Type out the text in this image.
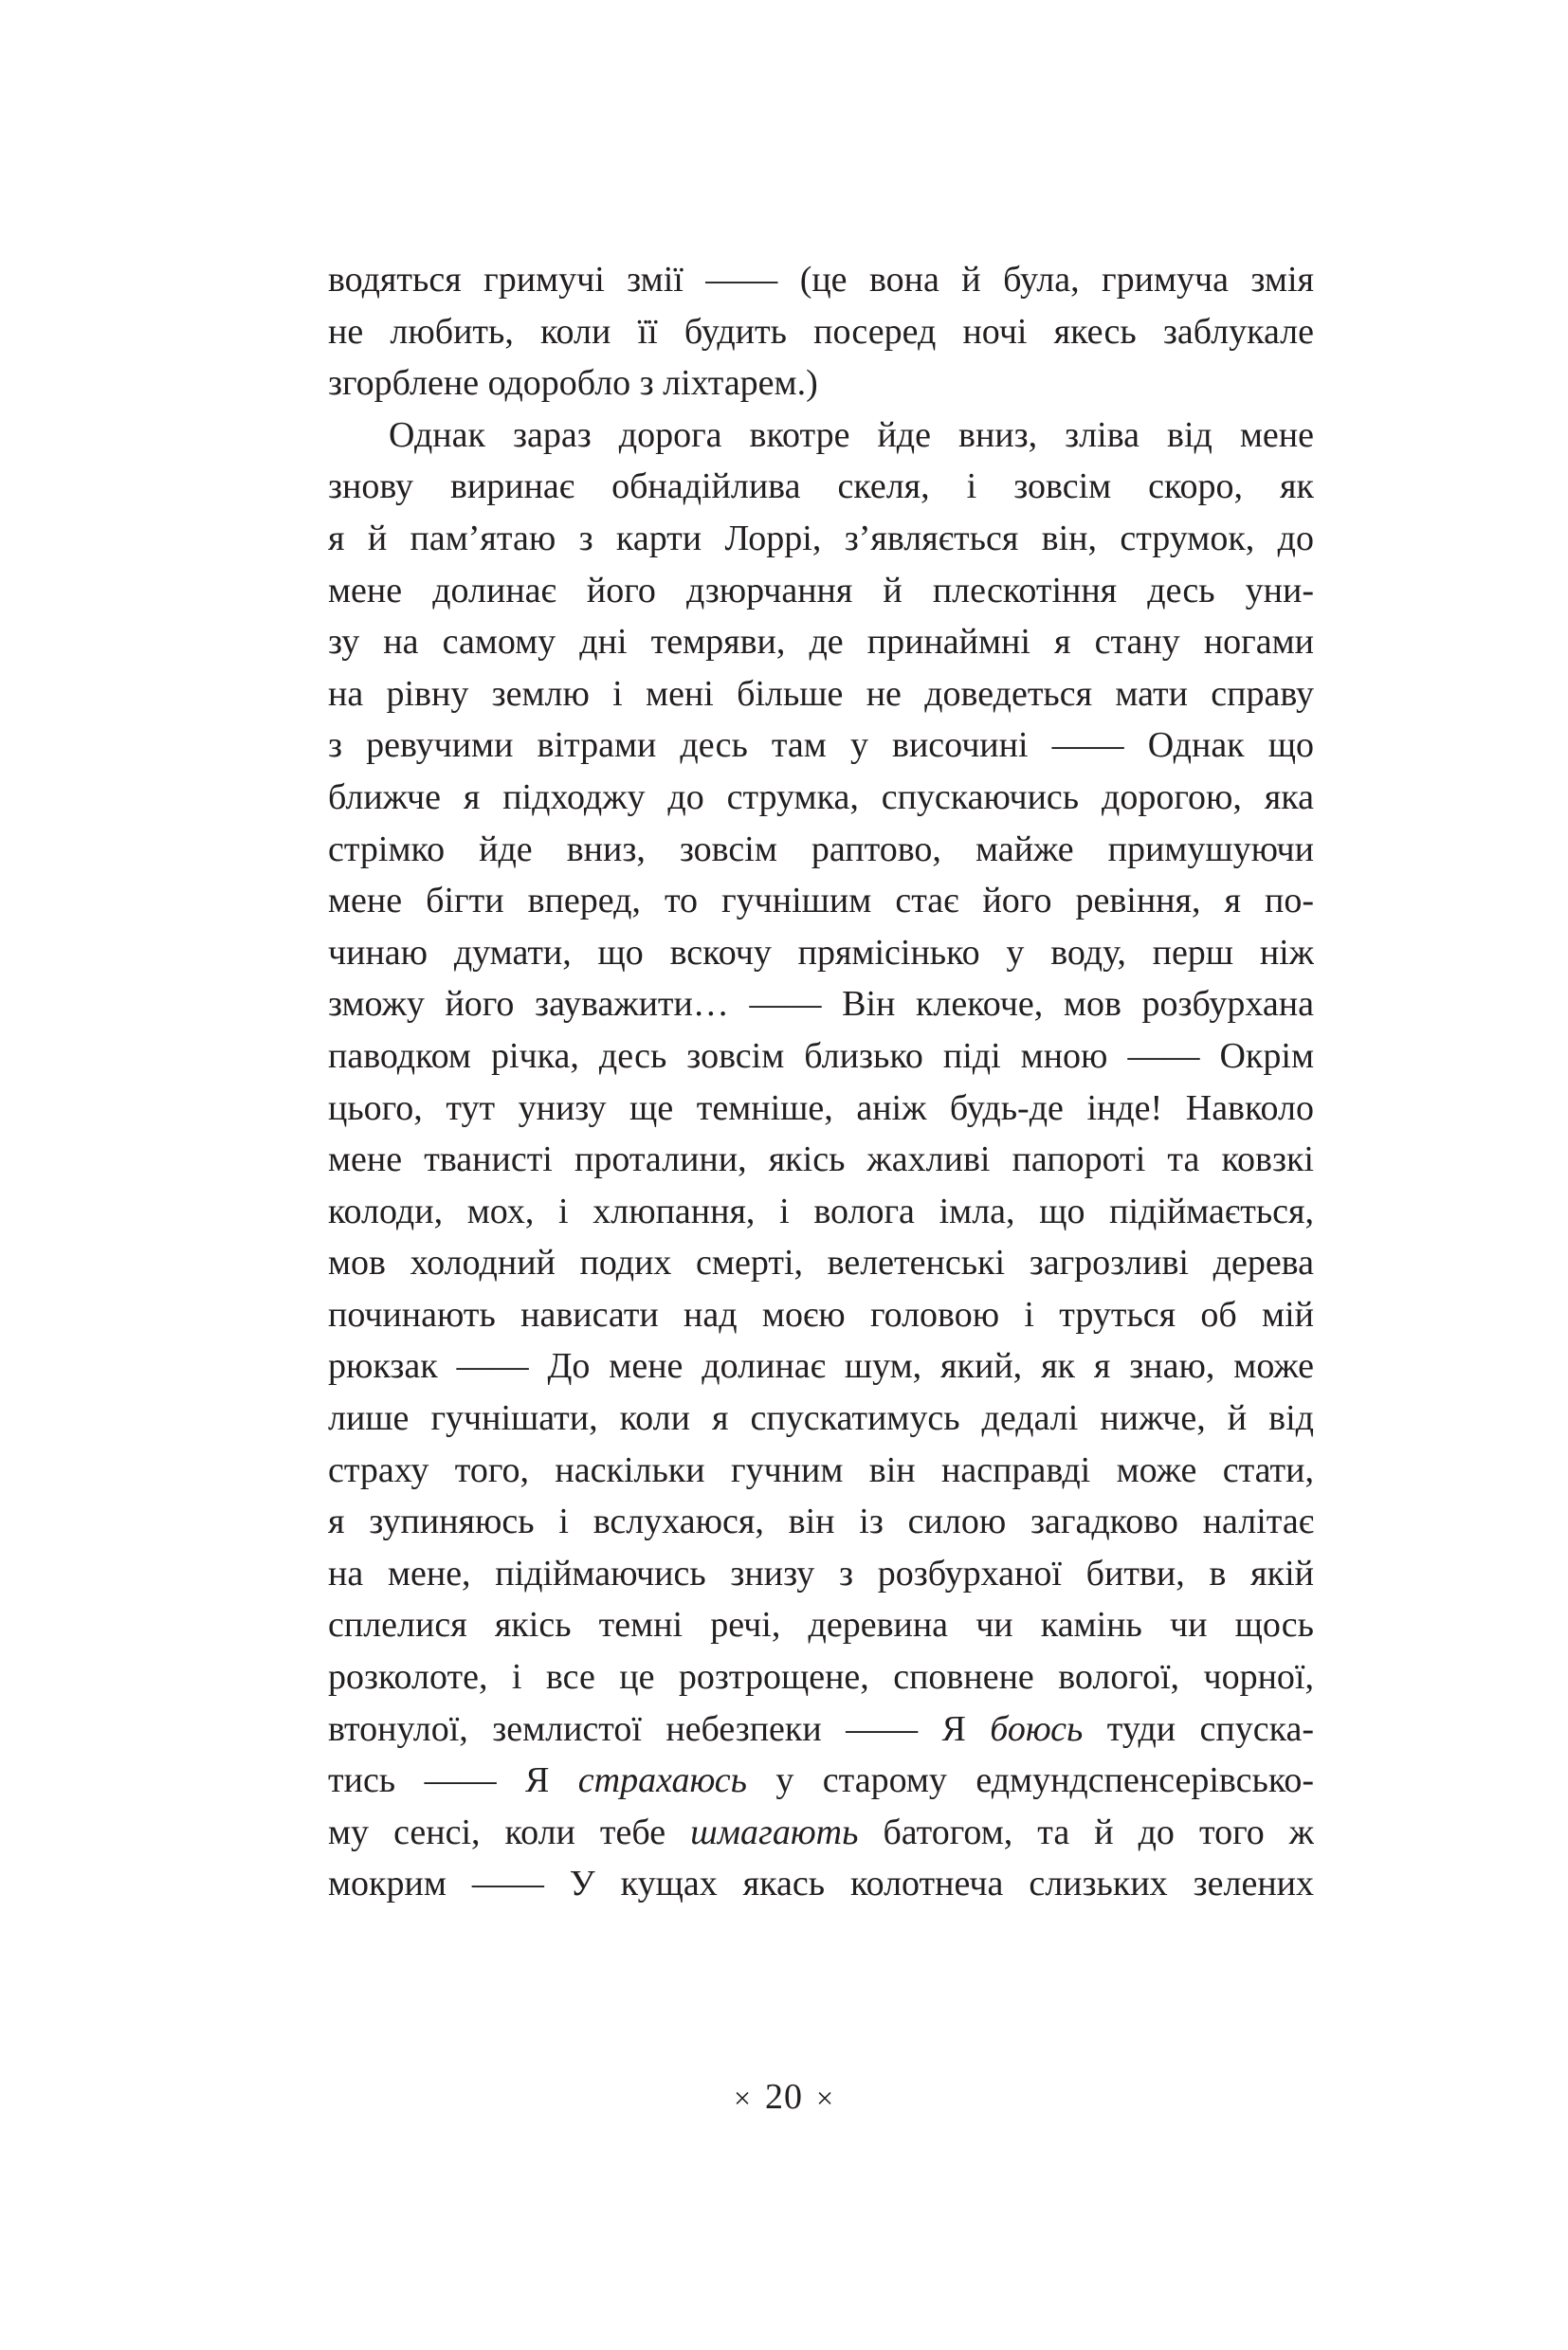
водяться гримучі змії —— (це вона й була, гримуча змія
не любить, коли її будить посеред ночі якесь заблукале
згорблене одоробло з ліхтарем.)
Однак зараз дорога вкотре йде вниз, зліва від мене
знову виринає обнадійлива скеля, і зовсім скоро, як
я й пам’ятаю з карти Лоррі, з’являється він, струмок, до
мене долинає його дзюрчання й плескотіння десь уни-
зу на самому дні темряви, де принаймні я стану ногами
на рівну землю і мені більше не доведеться мати справу
з ревучими вітрами десь там у височині —— Однак що
ближче я підходжу до струмка, спускаючись дорогою, яка
стрімко йде вниз, зовсім раптово, майже примушуючи
мене бігти вперед, то гучнішим стає його ревіння, я по-
чинаю думати, що вскочу прямісінько у воду, перш ніж
зможу його зауважити… —— Він клекоче, мов розбурхана
паводком річка, десь зовсім близько піді мною —— Окрім
цього, тут унизу ще темніше, аніж будь-де інде! Навколо
мене тванисті проталини, якісь жахливі папороті та ковзкі
колоди, мох, і хлюпання, і волога імла, що підіймається,
мов холодний подих смерті, велетенські загрозливі дерева
починають нависати над моєю головою і труться об мій
рюкзак —— До мене долинає шум, який, як я знаю, може
лише гучнішати, коли я спускатимусь дедалі нижче, й від
страху того, наскільки гучним він насправді може стати,
я зупиняюсь і вслухаюся, він із силою загадково налітає
на мене, підіймаючись знизу з розбурханої битви, в якій
сплелися якісь темні речі, деревина чи камінь чи щось
розколоте, і все це розтрощене, сповнене вологої, чорної,
втонулої, землистої небезпеки —— Я боюсь туди спуска-
тись —— Я страхаюсь у старому едмундспенсерівсько-
му сенсі, коли тебе шмагають батогом, та й до того ж
мокрим —— У кущах якась колотнеча слизьких зелених
× 20 ×
